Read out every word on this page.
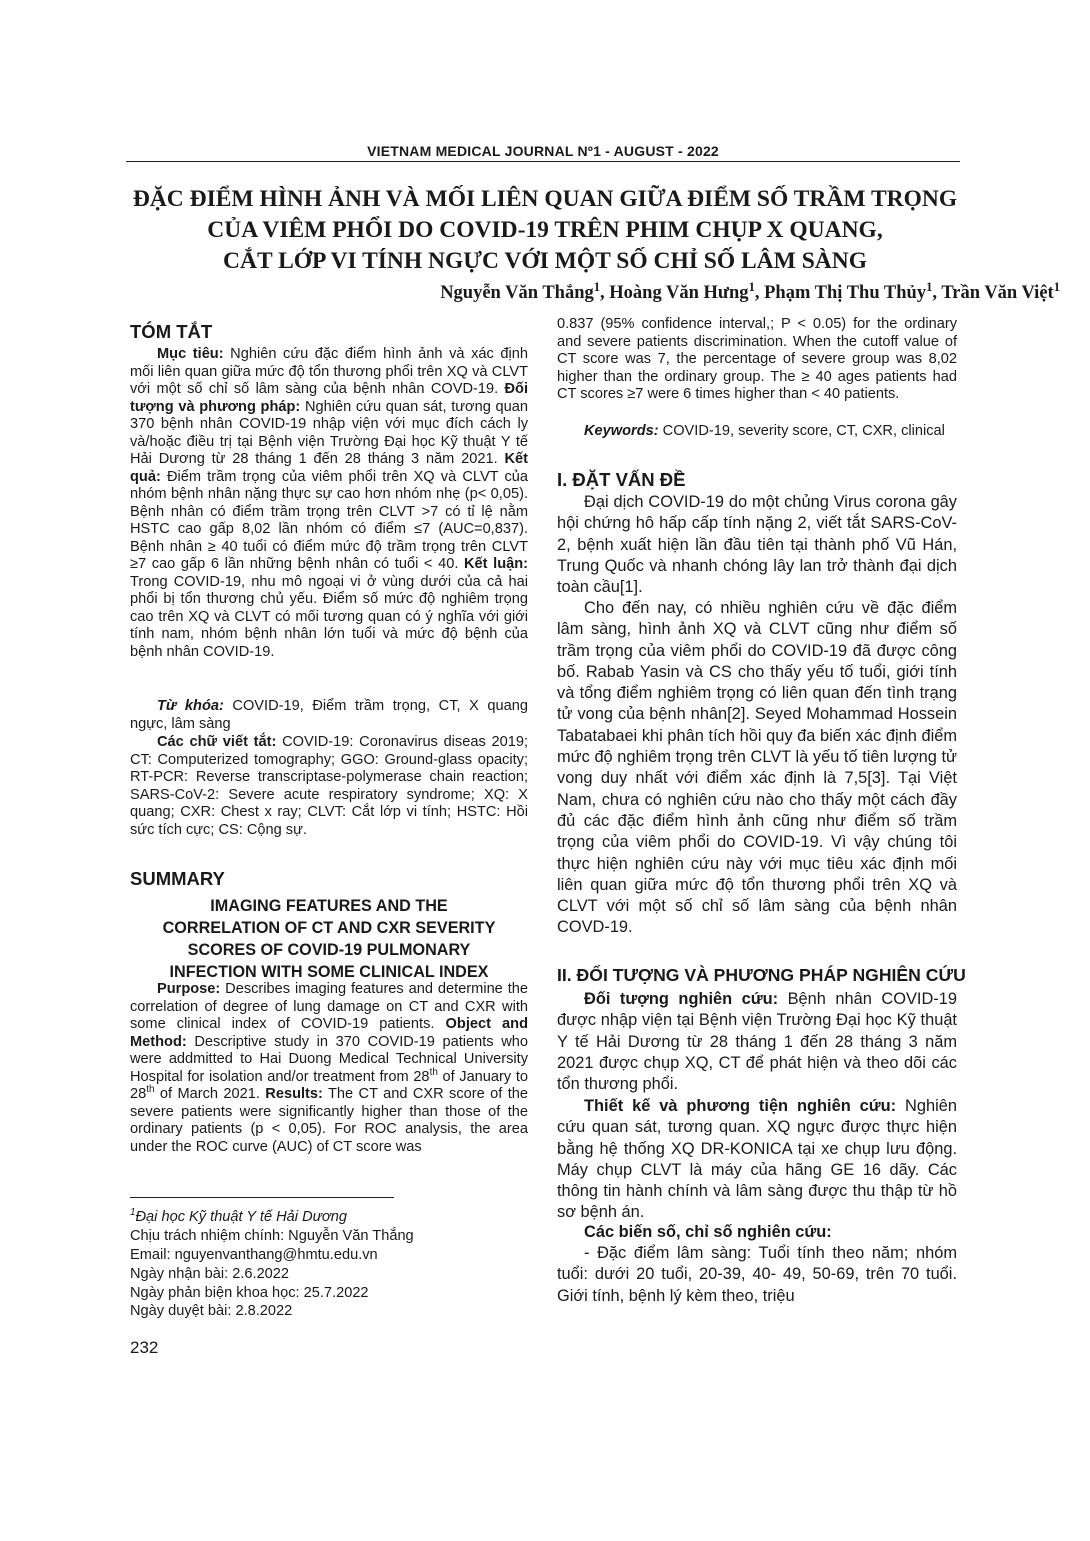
VIETNAM MEDICAL JOURNAL Nº1 - AUGUST - 2022
ĐẶC ĐIỂM HÌNH ẢNH VÀ MỐI LIÊN QUAN GIỮA ĐIỂM SỐ TRẦM TRỌNG
CỦA VIÊM PHỔI DO COVID-19 TRÊN PHIM CHỤP X QUANG,
CẮT LỚP VI TÍNH NGỰC VỚI MỘT SỐ CHỈ SỐ LÂM SÀNG
Nguyễn Văn Thắng$^1$, Hoàng Văn Hưng$^1$, Phạm Thị Thu Thủy$^1$, Trần Văn Việt$^1$
TÓM TẮT

Mục tiêu: Nghiên cứu đặc điểm hình ảnh và xác định mối liên quan giữa mức độ tổn thương phổi trên XQ và CLVT với một số chỉ số lâm sàng của bệnh nhân COVD-19. Đối tượng và phương pháp: Nghiên cứu quan sát, tương quan 370 bệnh nhân COVID-19 nhập viện với mục đích cách ly và/hoặc điều trị tại Bệnh viện Trường Đại học Kỹ thuật Y tế Hải Dương từ 28 tháng 1 đến 28 tháng 3 năm 2021. Kết quả: Điểm trầm trọng của viêm phổi trên XQ và CLVT của nhóm bệnh nhân nặng thực sự cao hơn nhóm nhẹ (p< 0,05). Bệnh nhân có điểm trầm trọng trên CLVT >7 có tỉ lệ nằm HSTC cao gấp 8,02 lần nhóm có điểm ≤7 (AUC=0,837). Bệnh nhân ≥ 40 tuổi có điểm mức độ trầm trọng trên CLVT ≥7 cao gấp 6 lần những bệnh nhân có tuổi < 40. Kết luận: Trong COVID-19, nhu mô ngoại vi ở vùng dưới của cả hai phổi bị tổn thương chủ yếu. Điểm số mức độ nghiêm trọng cao trên XQ và CLVT có mối tương quan có ý nghĩa với giới tính nam, nhóm bệnh nhân lớn tuổi và mức độ bệnh của bệnh nhân COVID-19.

Từ khóa: COVID-19, Điểm trầm trọng, CT, X quang ngực, lâm sàng

Các chữ viết tắt: COVID-19: Coronavirus diseas 2019; CT: Computerized tomography; GGO: Ground-glass opacity; RT-PCR: Reverse transcriptase-polymerase chain reaction; SARS-CoV-2: Severe acute respiratory syndrome; XQ: X quang; CXR: Chest x ray; CLVT: Cắt lớp vi tính; HSTC: Hồi sức tích cực; CS: Cộng sự.

SUMMARY
IMAGING FEATURES AND THE
CORRELATION OF CT AND CXR SEVERITY
SCORES OF COVID-19 PULMONARY
INFECTION WITH SOME CLINICAL INDEX

Purpose: Describes imaging features and determine the correlation of degree of lung damage on CT and CXR with some clinical index of COVID-19 patients. Object and Method: Descriptive study in 370 COVID-19 patients who were addmitted to Hai Duong Medical Technical University Hospital for isolation and/or treatment from 28th of January to 28th of March 2021. Results: The CT and CXR score of the severe patients were significantly higher than those of the ordinary patients (p < 0,05). For ROC analysis, the area under the ROC curve (AUC) of CT score was

$^1$Đại học Kỹ thuật Y tế Hải Dương

Chịu trách nhiệm chính: Nguyễn Văn Thắng

Email: nguyenvanthang@hmtu.edu.vn

Ngày nhận bài: 2.6.2022

Ngày phản biện khoa học: 25.7.2022

Ngày duyệt bài: 2.8.2022

232

0.837 (95% confidence interval,; P < 0.05) for the ordinary and severe patients discrimination. When the cutoff value of CT score was 7, the percentage of severe group was 8,02 higher than the ordinary group. The ≥ 40 ages patients had CT scores ≥7 were 6 times higher than < 40 patients.

Keywords: COVID-19, severity score, CT, CXR, clinical

I. ĐẶT VẤN ĐỀ

Đại dịch COVID-19 do một chủng Virus corona gây hội chứng hô hấp cấp tính nặng 2, viết tắt SARS-CoV-2, bệnh xuất hiện lần đầu tiên tại thành phố Vũ Hán, Trung Quốc và nhanh chóng lây lan trở thành đại dịch toàn cầu[1].

Cho đến nay, có nhiều nghiên cứu về đặc điểm lâm sàng, hình ảnh XQ và CLVT cũng như điểm số trầm trọng của viêm phổi do COVID-19 đã được công bố. Rabab Yasin và CS cho thấy yếu tố tuổi, giới tính và tổng điểm nghiêm trọng có liên quan đến tình trạng tử vong của bệnh nhân[2]. Seyed Mohammad Hossein Tabatabaei khi phân tích hồi quy đa biến xác định điểm mức độ nghiêm trọng trên CLVT là yếu tố tiên lượng tử vong duy nhất với điểm xác định là 7,5[3]. Tại Việt Nam, chưa có nghiên cứu nào cho thấy một cách đầy đủ các đặc điểm hình ảnh cũng như điểm số trầm trọng của viêm phổi do COVID-19. Vì vậy chúng tôi thực hiện nghiên cứu này với mục tiêu xác định mối liên quan giữa mức độ tổn thương phổi trên XQ và CLVT với một số chỉ số lâm sàng của bệnh nhân COVD-19.

II. ĐỐI TƯỢNG VÀ PHƯƠNG PHÁP NGHIÊN CỨU

Đối tượng nghiên cứu: Bệnh nhân COVID-19 được nhập viện tại Bệnh viện Trường Đại học Kỹ thuật Y tế Hải Dương từ 28 tháng 1 đến 28 tháng 3 năm 2021 được chụp XQ, CT để phát hiện và theo dõi các tổn thương phổi.

Thiết kế và phương tiện nghiên cứu: Nghiên cứu quan sát, tương quan. XQ ngực được thực hiện bằng hệ thống XQ DR-KONICA tại xe chụp lưu động. Máy chụp CLVT là máy của hãng GE 16 dãy. Các thông tin hành chính và lâm sàng được thu thập từ hồ sơ bệnh án.

Các biến số, chỉ số nghiên cứu:

- Đặc điểm lâm sàng: Tuổi tính theo năm; nhóm tuổi: dưới 20 tuổi, 20-39, 40- 49, 50-69, trên 70 tuổi. Giới tính, bệnh lý kèm theo, triệu
